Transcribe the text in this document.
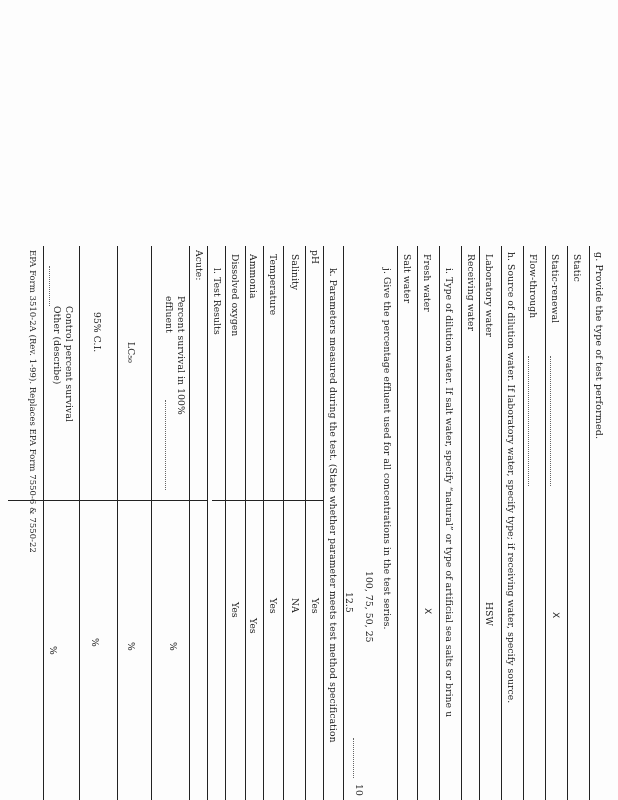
g. Provide the type of test performed.
Static
Static-renewal
X
Flow-through
h. Source of dilution water. If laboratory water, specify type; if receiving water, specify source.
Laboratory water
HSW
Receiving water
i. Type of dilution water. If salt water, specify “natural” or type of artificial sea salts or brine u
Fresh water
X
Salt water
j. Give the percentage effluent used for all concentrations in the test series.
100, 75, 50, 25
12.5
10
k. Parameters measured during the test. (State whether parameter meets test method specification
pH
Yes
Salinity
NA
Temperature
Yes
Ammonia
Yes
Dissolved oxygen
Yes
l. Test Results
Acute:
Percent survival in 100%
effluent
%
LC₅₀
%
95% C.I.
%
Control percent survival
Other (describe)
%
EPA Form 3510-2A (Rev. 1-99). Replaces EPA Form 7550-6 & 7550-22
